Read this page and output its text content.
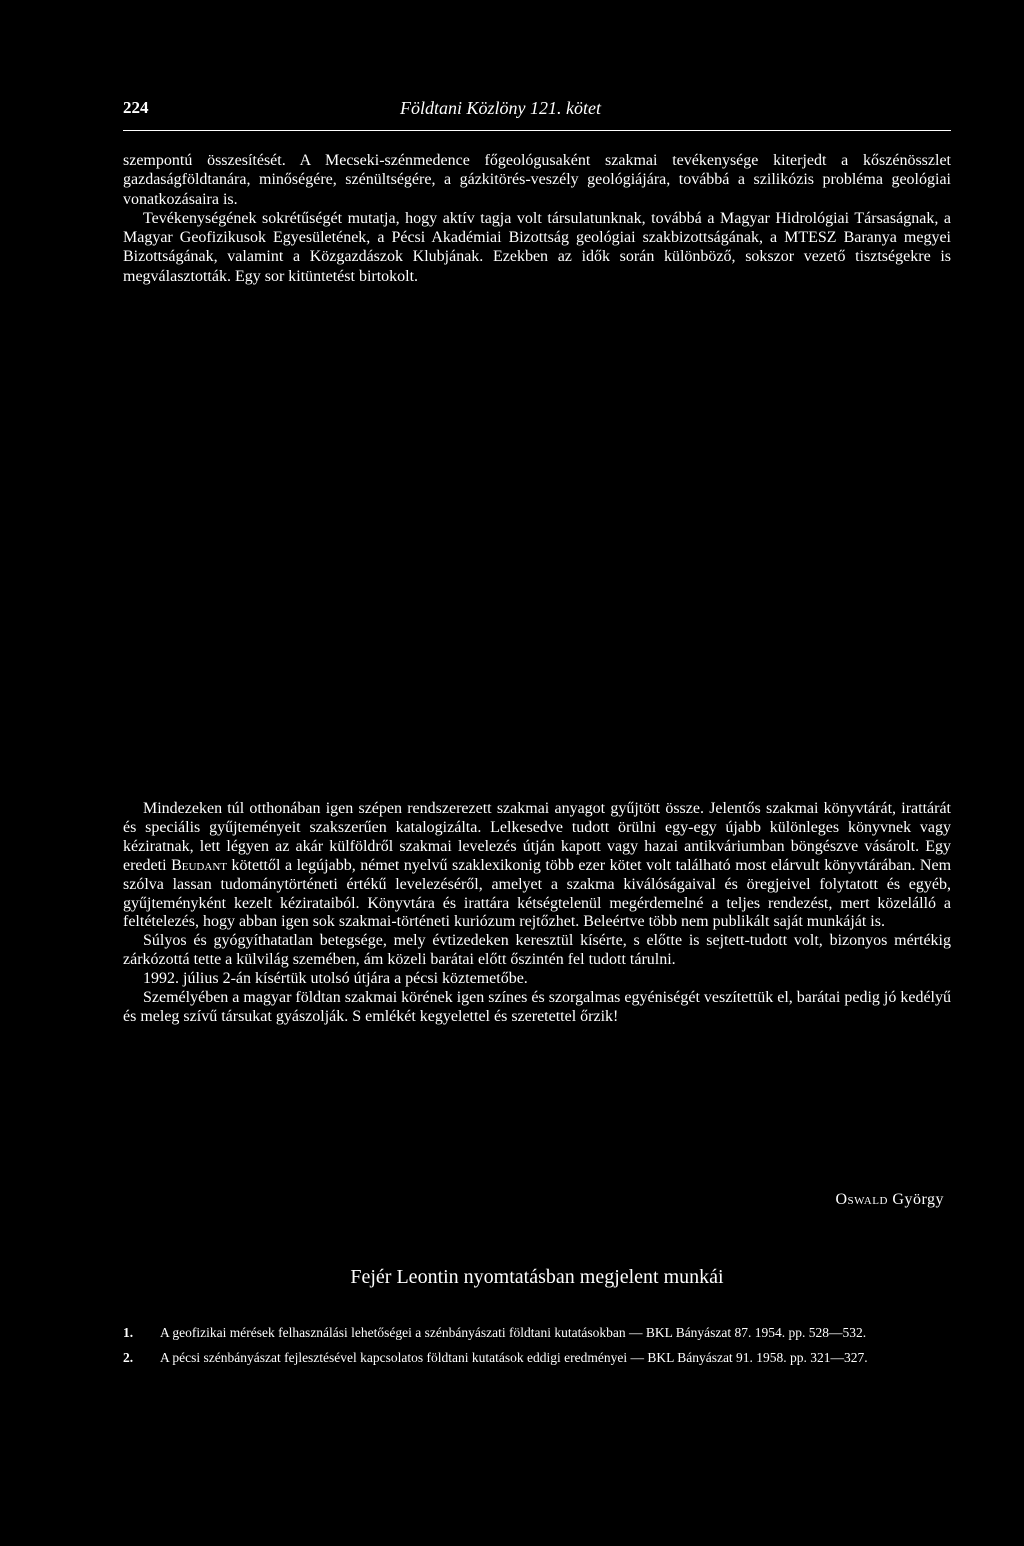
224	Földtani Közlöny 121. kötet

szempontú összesítését. A Mecseki-szénmedence főgeológusaként szakmai tevékenysége kiterjedt a kőszénösszlet gazdaságföldtanára, minőségére, szénültségére, a gázkitörés-veszély geológiájára, továbbá a szilikózis probléma geológiai vonatkozásaira is.

Tevékenységének sokrétűségét mutatja, hogy aktív tagja volt társulatunknak, továbbá a Magyar Hidrológiai Társaságnak, a Magyar Geofizikusok Egyesületének, a Pécsi Akadémiai Bizottság geológiai szakbizottságának, a MTESZ Baranya megyei Bizottságának, valamint a Közgazdászok Klubjának. Ezekben az idők során különböző, sokszor vezető tisztségekre is megválasztották. Egy sor kitüntetést birtokolt.

Mindezeken túl otthonában igen szépen rendszerezett szakmai anyagot gyűjtött össze. Jelentős szakmai könyvtárát, irattárát és speciális gyűjteményeit szakszerűen katalogizálta. Lelkesedve tudott örülni egy-egy újabb különleges könyvnek vagy kéziratnak, lett légyen az akár külföldről szakmai levelezés útján kapott vagy hazai antikváriumban böngészve vásárolt. Egy eredeti Beudant kötettől a legújabb, német nyelvű szaklexikonig több ezer kötet volt található most elárvult könyvtárában. Nem szólva lassan tudománytörténeti értékű levelezéséről, amelyet a szakma kiválóságaival és öregjeivel folytatott és egyéb, gyűjteményként kezelt kézirataiból. Könyvtára és irattára kétségtelenül megérdemelné a teljes rendezést, mert közelálló a feltételezés, hogy abban igen sok szakmai-történeti kuriózum rejtőzhet. Beleértve több nem publikált saját munkáját is.

Súlyos és gyógyíthatatlan betegsége, mely évtizedeken keresztül kísérte, s előtte is sejtett-tudott volt, bizonyos mértékig zárkózottá tette a külvilág szemében, ám közeli barátai előtt őszintén fel tudott tárulni.

1992. július 2-án kísértük utolsó útjára a pécsi köztemetőbe.

Személyében a magyar földtan szakmai körének igen színes és szorgalmas egyéniségét veszítettük el, barátai pedig jó kedélyű és meleg szívű társukat gyászolják. S emlékét kegyelettel és szeretettel őrzik!

Oswald György
Fejér Leontin nyomtatásban megjelent munkái
1. A geofizikai mérések felhasználási lehetőségei a szénbányászati földtani kutatásokban — BKL Bányászat 87. 1954. pp. 528—532.
2. A pécsi szénbányászat fejlesztésével kapcsolatos földtani kutatások eddigi eredményei — BKL Bányászat 91. 1958. pp. 321—327.
